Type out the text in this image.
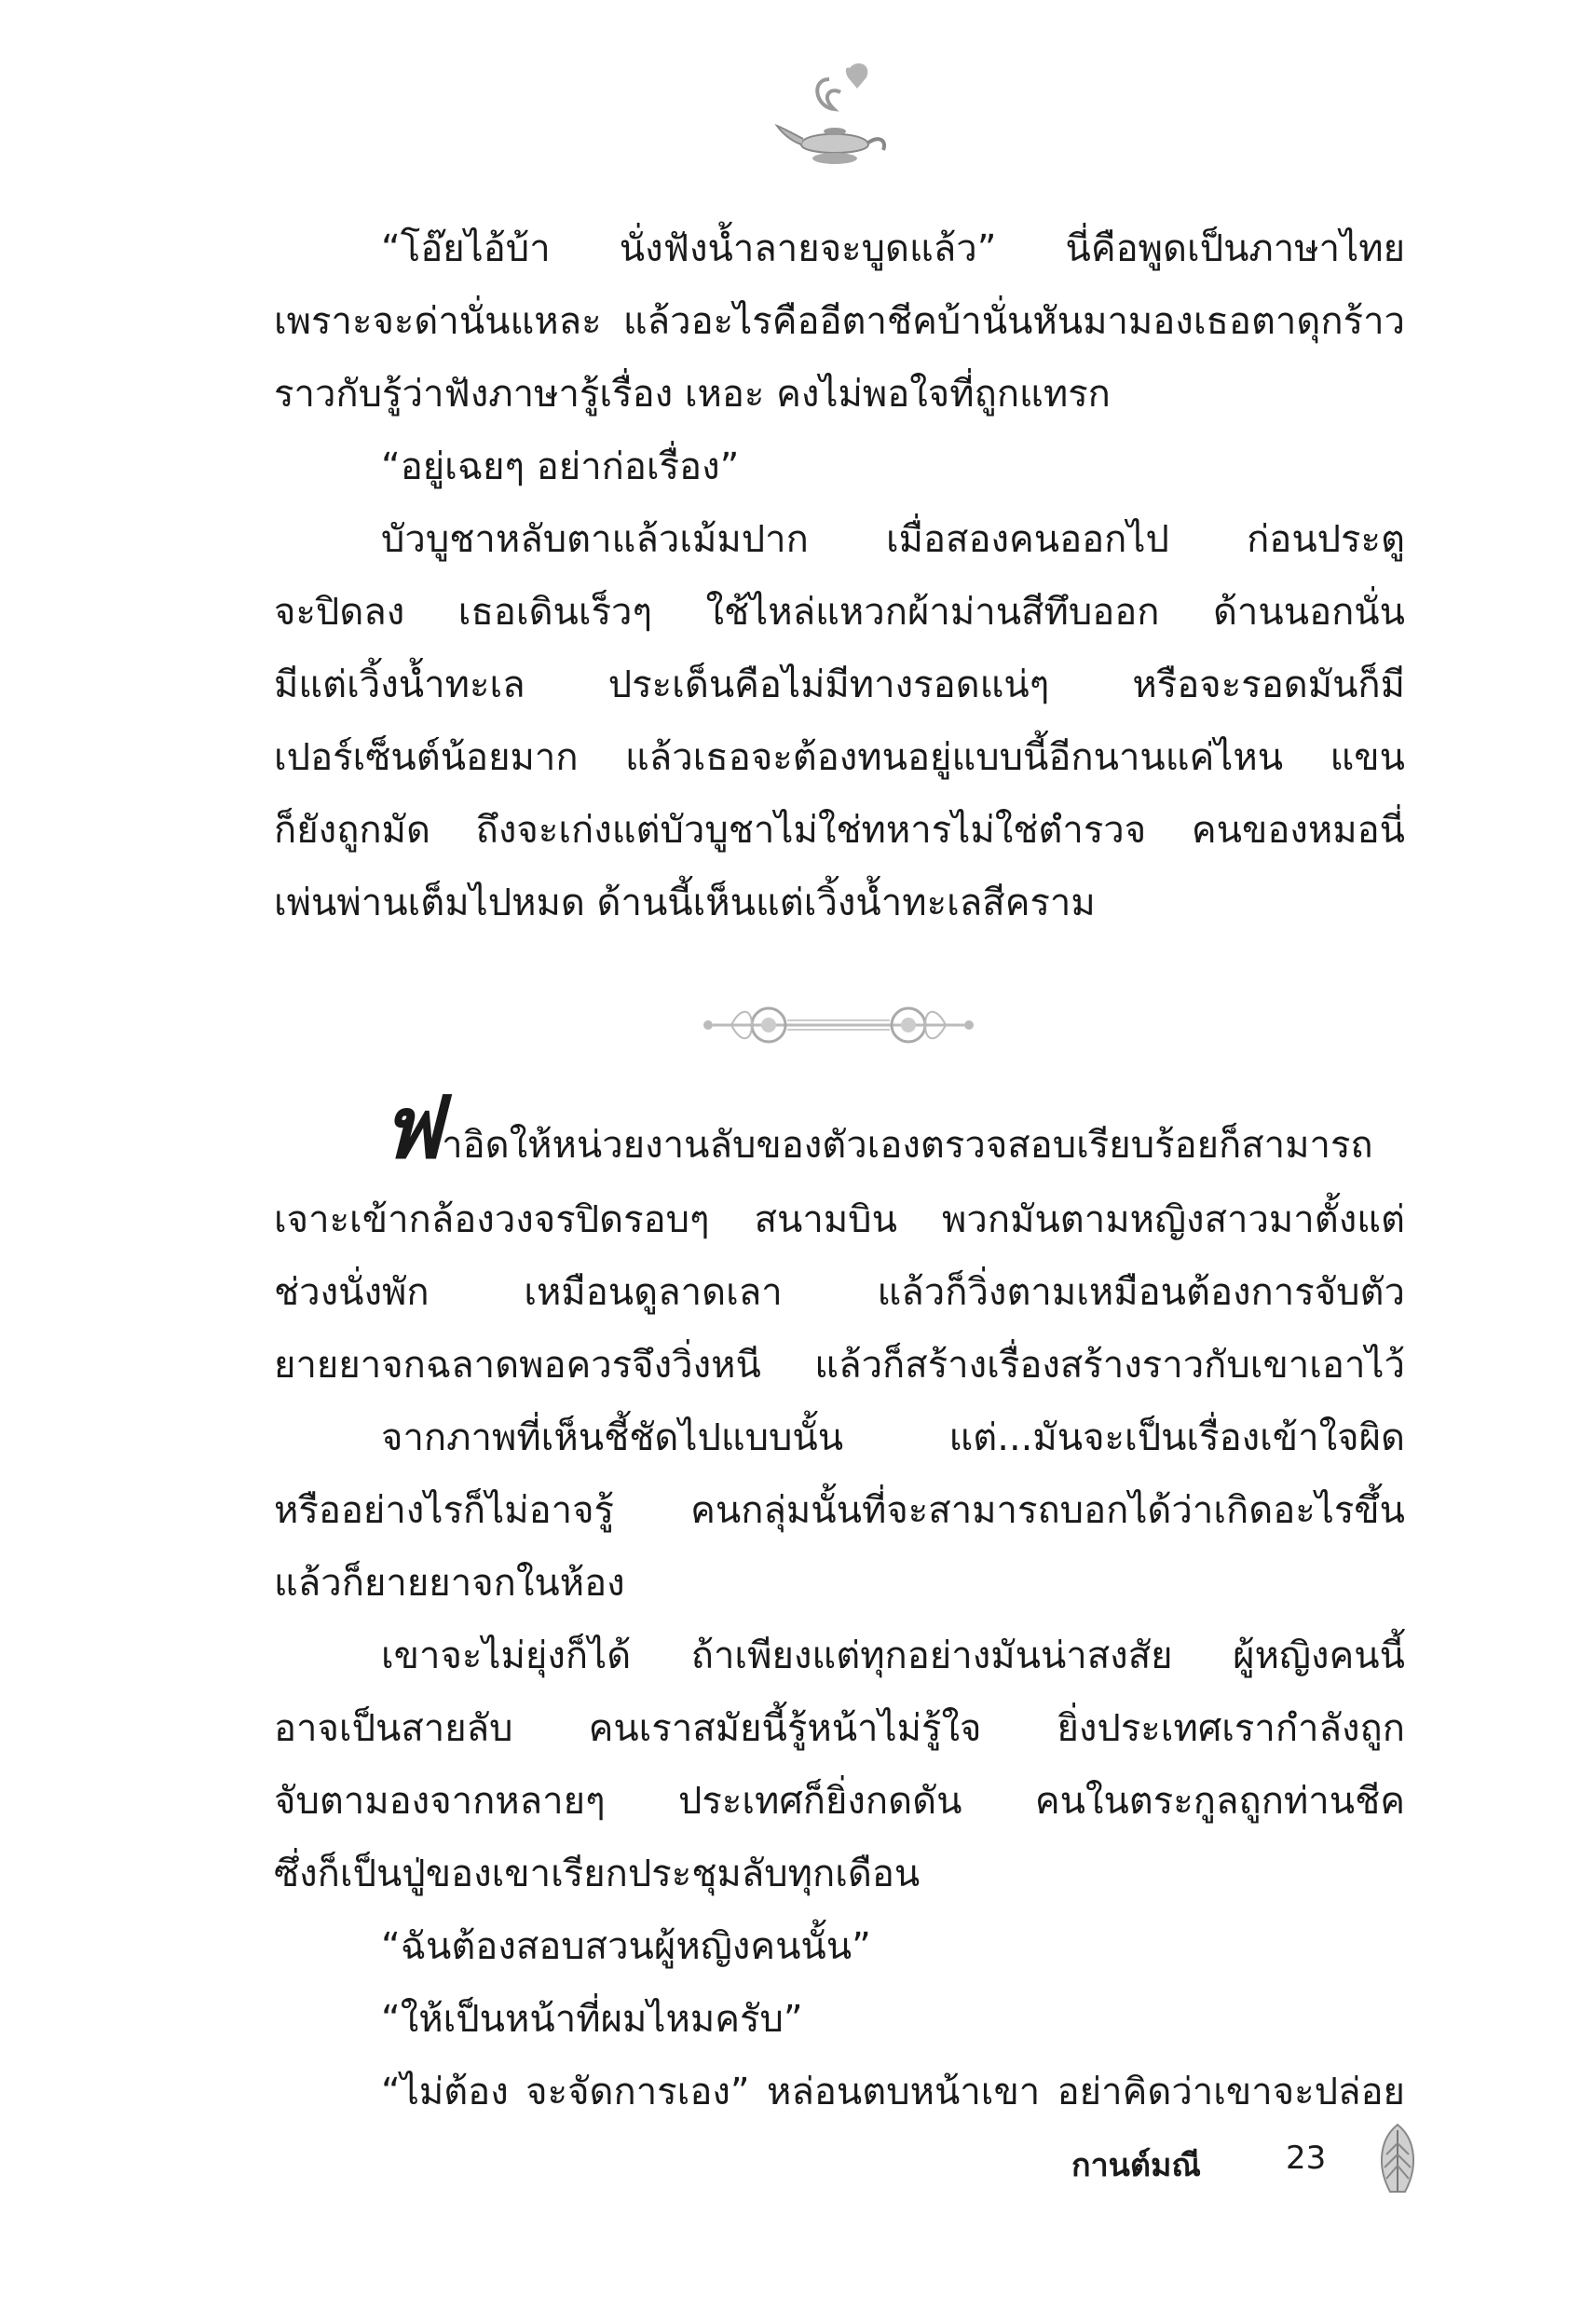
“โอ๊ยไอ้บ้า นั่งฟังน้ำลายจะบูดแล้ว” นี่คือพูดเป็นภาษาไทย
เพราะจะด่านั่นแหละ แล้วอะไรคืออีตาชีคบ้านั่นหันมามองเธอตาดุกร้าว
ราวกับรู้ว่าฟังภาษารู้เรื่อง เหอะ คงไม่พอใจที่ถูกแทรก
“อยู่เฉยๆ อย่าก่อเรื่อง”
บัวบูชาหลับตาแล้วเม้มปาก เมื่อสองคนออกไป ก่อนประตู
จะปิดลง เธอเดินเร็วๆ ใช้ไหล่แหวกผ้าม่านสีทึบออก ด้านนอกนั่น
มีแต่เวิ้งน้ำทะเล ประเด็นคือไม่มีทางรอดแน่ๆ หรือจะรอดมันก็มี
เปอร์เซ็นต์น้อยมาก แล้วเธอจะต้องทนอยู่แบบนี้อีกนานแค่ไหน แขน
ก็ยังถูกมัด ถึงจะเก่งแต่บัวบูชาไม่ใช่ทหารไม่ใช่ตำรวจ คนของหมอนี่
เพ่นพ่านเต็มไปหมด ด้านนี้เห็นแต่เวิ้งน้ำทะเลสีคราม
ฟาอิดให้หน่วยงานลับของตัวเองตรวจสอบเรียบร้อยก็สามารถ
เจาะเข้ากล้องวงจรปิดรอบๆ สนามบิน พวกมันตามหญิงสาวมาตั้งแต่
ช่วงนั่งพัก เหมือนดูลาดเลา แล้วก็วิ่งตามเหมือนต้องการจับตัว
ยายยาจกฉลาดพอควรจึงวิ่งหนี แล้วก็สร้างเรื่องสร้างราวกับเขาเอาไว้
จากภาพที่เห็นชี้ชัดไปแบบนั้น แต่...มันจะเป็นเรื่องเข้าใจผิด
หรืออย่างไรก็ไม่อาจรู้ คนกลุ่มนั้นที่จะสามารถบอกได้ว่าเกิดอะไรขึ้น
แล้วก็ยายยาจกในห้อง
เขาจะไม่ยุ่งก็ได้ ถ้าเพียงแต่ทุกอย่างมันน่าสงสัย ผู้หญิงคนนี้
อาจเป็นสายลับ คนเราสมัยนี้รู้หน้าไม่รู้ใจ ยิ่งประเทศเรากำลังถูก
จับตามองจากหลายๆ ประเทศก็ยิ่งกดดัน คนในตระกูลถูกท่านชีค
ซึ่งก็เป็นปู่ของเขาเรียกประชุมลับทุกเดือน
“ฉันต้องสอบสวนผู้หญิงคนนั้น”
“ให้เป็นหน้าที่ผมไหมครับ”
“ไม่ต้อง จะจัดการเอง” หล่อนตบหน้าเขา อย่าคิดว่าเขาจะปล่อย
กานต์มณี	23
